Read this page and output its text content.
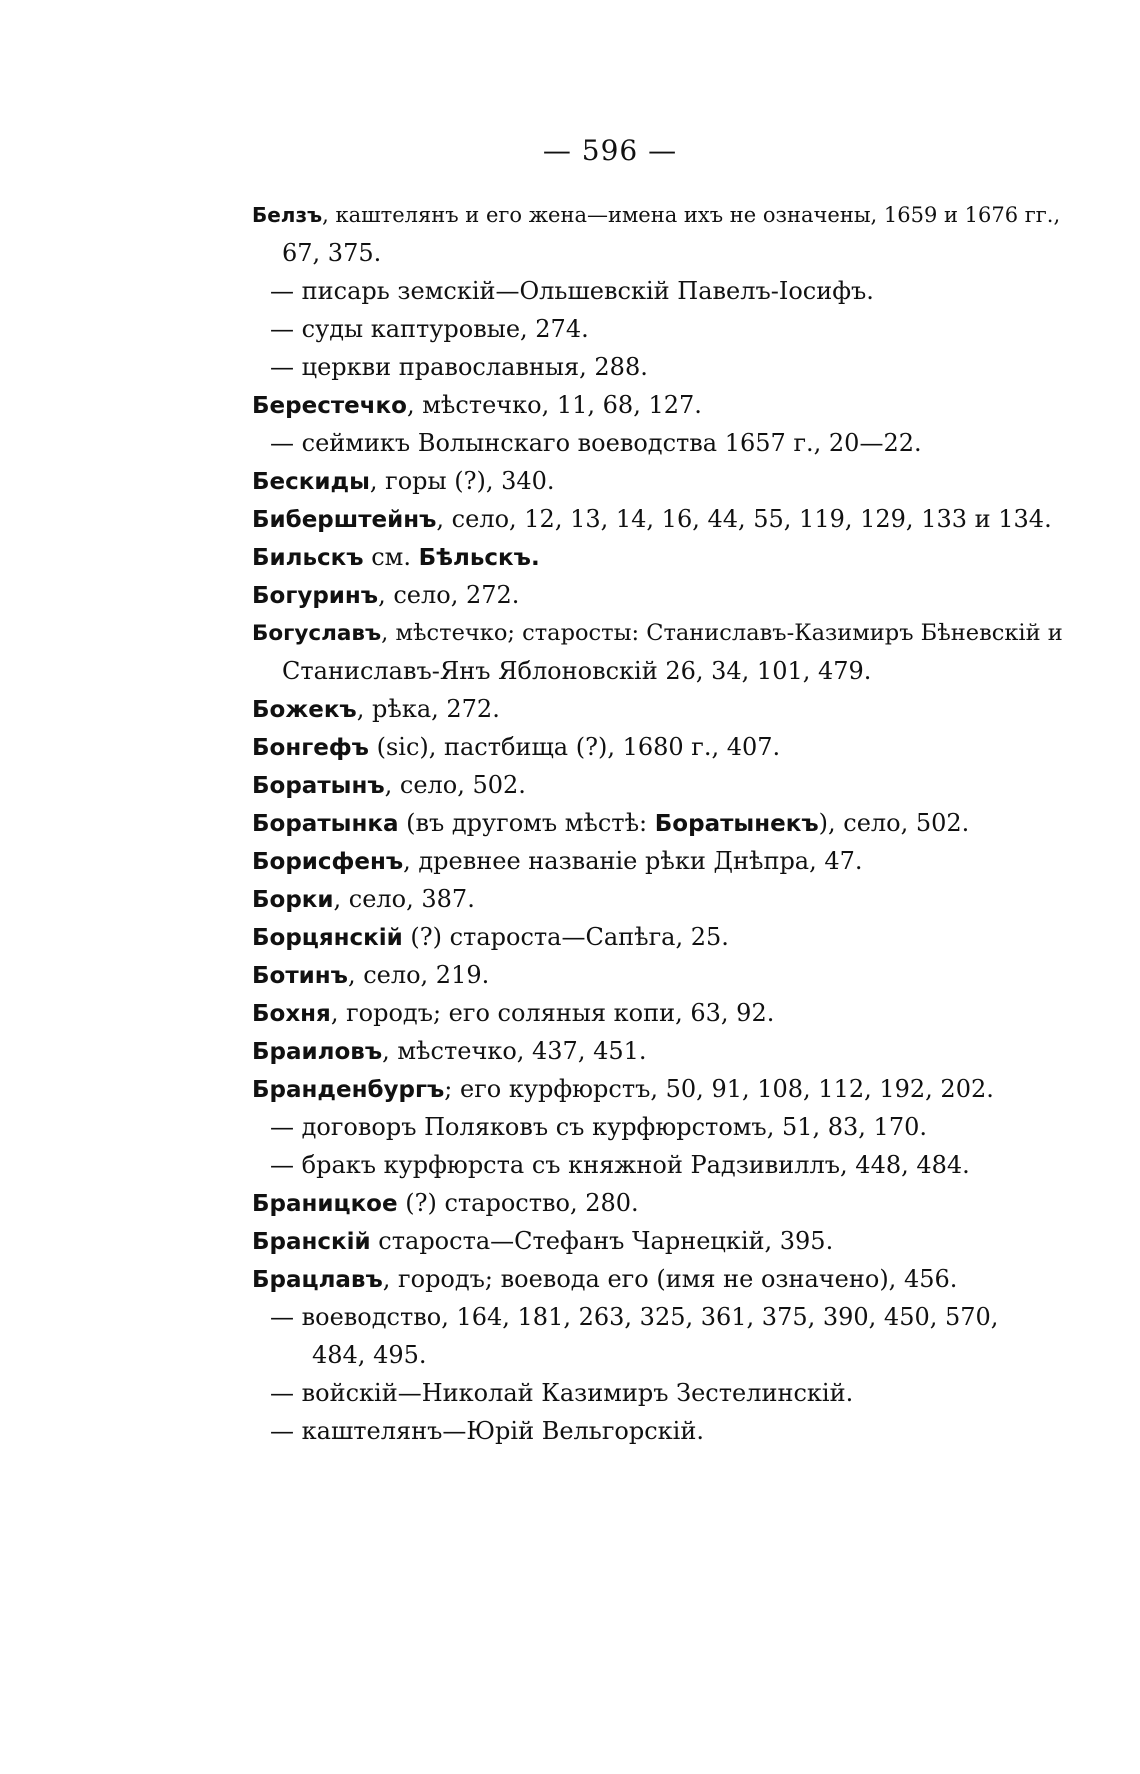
— 596 —
Белзъ, каштелянъ и его жена—имена ихъ не означены, 1659 и 1676 гг.,
67, 375.
— писарь земскій—Ольшевскій Павелъ-Іосифъ.
— суды каптуровые, 274.
— церкви православныя, 288.
Берестечко, мѣстечко, 11, 68, 127.
— сеймикъ Волынскаго воеводства 1657 г., 20—22.
Бескиды, горы (?), 340.
Биберштейнъ, село, 12, 13, 14, 16, 44, 55, 119, 129, 133 и 134.
Бильскъ см. Бѣльскъ.
Богуринъ, село, 272.
Богуславъ, мѣстечко; старосты: Станиславъ-Казимиръ Бѣневскій и
Станиславъ-Янъ Яблоновскій 26, 34, 101, 479.
Божекъ, рѣка, 272.
Бонгефъ (sic), пастбища (?), 1680 г., 407.
Боратынъ, село, 502.
Боратынка (въ другомъ мѣстѣ: Боратынекъ), село, 502.
Борисфенъ, древнее названіе рѣки Днѣпра, 47.
Борки, село, 387.
Борцянскій (?) староста—Сапѣга, 25.
Ботинъ, село, 219.
Бохня, городъ; его соляныя копи, 63, 92.
Браиловъ, мѣстечко, 437, 451.
Бранденбургъ; его курфюрстъ, 50, 91, 108, 112, 192, 202.
— договоръ Поляковъ съ курфюрстомъ, 51, 83, 170.
— бракъ курфюрста съ княжной Радзивиллъ, 448, 484.
Браницкое (?) староство, 280.
Бранскій староста—Стефанъ Чарнецкій, 395.
Брацлавъ, городъ; воевода его (имя не означено), 456.
— воеводство, 164, 181, 263, 325, 361, 375, 390, 450, 570,
484, 495.
— войскій—Николай Казимиръ Зестелинскій.
— каштелянъ—Юрій Вельгорскій.
